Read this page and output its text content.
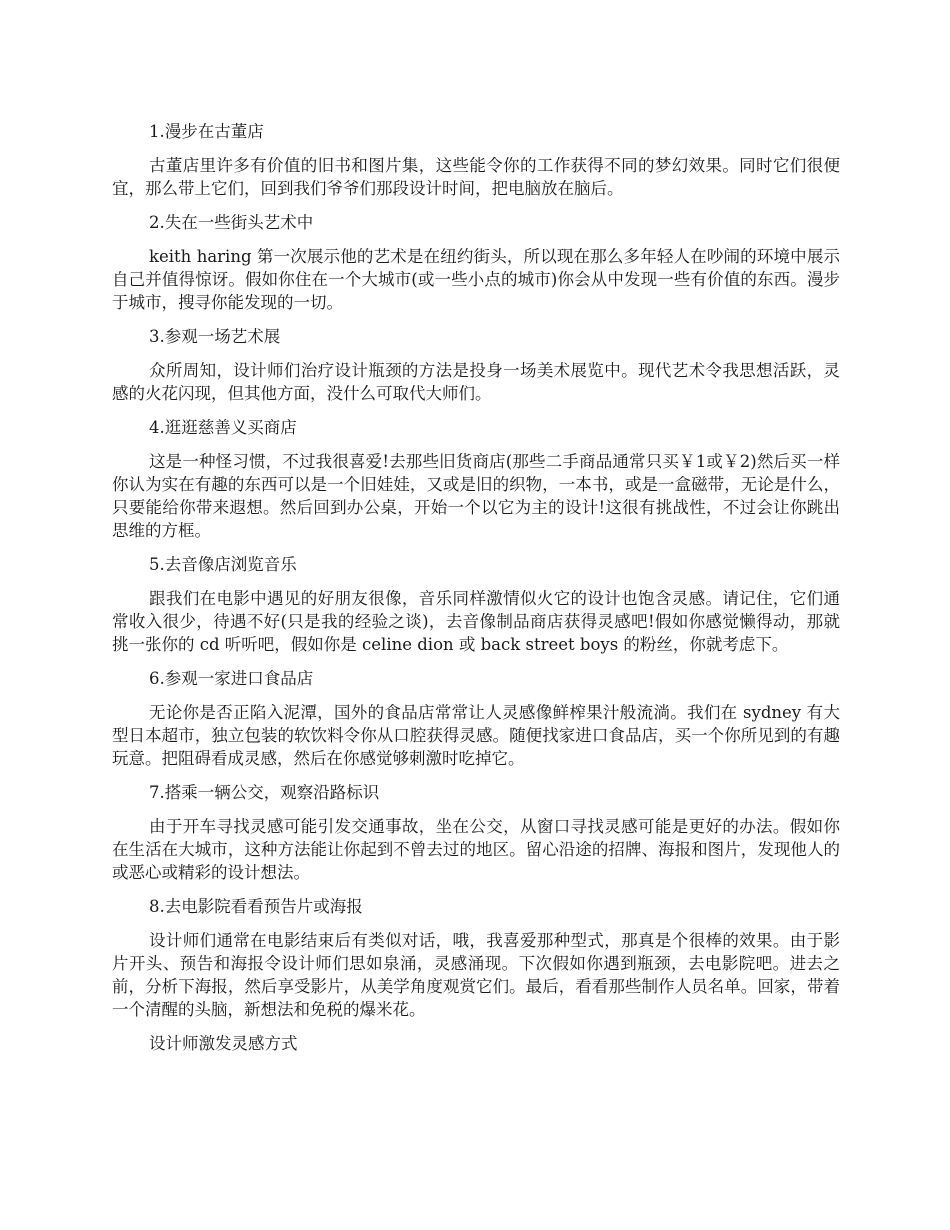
1.漫步在古董店

古董店里许多有价值的旧书和图片集，这些能令你的工作获得不同的梦幻效果。同时它们很便宜，那么带上它们，回到我们爷爷们那段设计时间，把电脑放在脑后。

2.失在一些街头艺术中

keith haring 第一次展示他的艺术是在纽约街头，所以现在那么多年轻人在吵闹的环境中展示自己并值得惊讶。假如你住在一个大城市(或一些小点的城市)你会从中发现一些有价值的东西。漫步于城市，搜寻你能发现的一切。

3.参观一场艺术展

众所周知，设计师们治疗设计瓶颈的方法是投身一场美术展览中。现代艺术令我思想活跃，灵感的火花闪现，但其他方面，没什么可取代大师们。

4.逛逛慈善义买商店

这是一种怪习惯，不过我很喜爱!去那些旧货商店(那些二手商品通常只买￥1或￥2)然后买一样你认为实在有趣的东西可以是一个旧娃娃，又或是旧的织物，一本书，或是一盒磁带，无论是什么，只要能给你带来遐想。然后回到办公桌，开始一个以它为主的设计!这很有挑战性，不过会让你跳出思维的方框。

5.去音像店浏览音乐

跟我们在电影中遇见的好朋友很像，音乐同样激情似火它的设计也饱含灵感。请记住，它们通常收入很少，待遇不好(只是我的经验之谈)，去音像制品商店获得灵感吧!假如你感觉懒得动，那就挑一张你的 cd 听听吧，假如你是 celine dion 或 back street boys 的粉丝，你就考虑下。

6.参观一家进口食品店

无论你是否正陷入泥潭，国外的食品店常常让人灵感像鲜榨果汁般流淌。我们在 sydney 有大型日本超市，独立包装的软饮料令你从口腔获得灵感。随便找家进口食品店，买一个你所见到的有趣玩意。把阻碍看成灵感，然后在你感觉够刺激时吃掉它。

7.搭乘一辆公交，观察沿路标识

由于开车寻找灵感可能引发交通事故，坐在公交，从窗口寻找灵感可能是更好的办法。假如你在生活在大城市，这种方法能让你起到不曾去过的地区。留心沿途的招牌、海报和图片，发现他人的或恶心或精彩的设计想法。

8.去电影院看看预告片或海报

设计师们通常在电影结束后有类似对话，哦，我喜爱那种型式，那真是个很棒的效果。由于影片开头、预告和海报令设计师们思如泉涌，灵感涌现。下次假如你遇到瓶颈，去电影院吧。进去之前，分析下海报，然后享受影片，从美学角度观赏它们。最后，看看那些制作人员名单。回家，带着一个清醒的头脑，新想法和免税的爆米花。

设计师激发灵感方式
